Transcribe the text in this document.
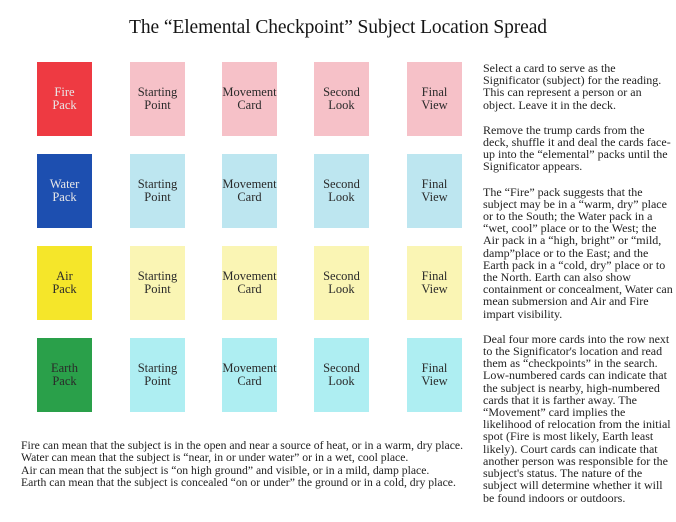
The “Elemental Checkpoint” Subject Location Spread
Fire
Pack
Starting
Point
Movement
Card
Second
Look
Final
View
Water
Pack
Starting
Point
Movement
Card
Second
Look
Final
View
Air
Pack
Starting
Point
Movement
Card
Second
Look
Final
View
Earth
Pack
Starting
Point
Movement
Card
Second
Look
Final
View

Select a card to serve as the Significator (subject) for the reading. This can represent a person or an object. Leave it in the deck.

Remove the trump cards from the deck, shuffle it and deal the cards face-up into the “elemental” packs until the Significator appears.

The “Fire” pack suggests that the subject may be in a “warm, dry” place or to the South; the Water pack in a “wet, cool” place or to the West; the Air pack in a “high, bright” or “mild, damp”place or to the East; and the Earth pack in a “cold, dry” place or to the North. Earth can also show containment or concealment, Water can mean submersion and Air and Fire impart visibility.

Deal four more cards into the row next to the Significator's location and read them as “checkpoints” in the search. Low-numbered cards can indicate that the subject is nearby, high-numbered cards that it is farther away. The “Movement” card implies the likelihood of relocation from the initial spot (Fire is most likely, Earth least likely). Court cards can indicate that another person was responsible for the subject's status. The nature of the subject will determine whether it will be found indoors or outdoors.

Fire can mean that the subject is in the open and near a source of heat, or in a warm, dry place.
Water can mean that the subject is “near, in or under water” or in a wet, cool place.
Air can mean that the subject is “on high ground” and visible, or in a mild, damp place.
Earth can mean that the subject is concealed “on or under” the ground or in a cold, dry place.
